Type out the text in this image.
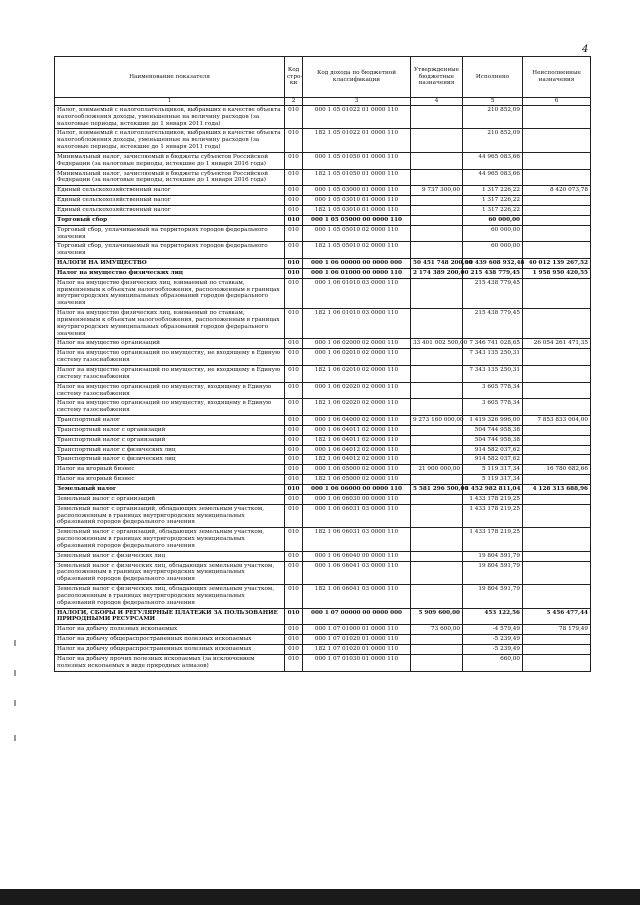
4
Наименование показателя	Код стро-ки	Код дохода по бюджетной классификации	Утвержденные бюджетные назначения	Исполнено	Неисполненные назначения
1	2	3	4	5	6
Налог, взимаемый с налогоплательщиков, выбравших в качестве объекта налогообложения доходы, уменьшенные на величину расходов (за налоговые периоды, истекшие до 1 января 2011 года)	010	000 1 05 01022 01 0000 110		210 852,09	
Налог, взимаемый с налогоплательщиков, выбравших в качестве объекта налогообложения доходы, уменьшенные на величину расходов (за налоговые периоды, истекшие до 1 января 2011 года)	010	182 1 05 01022 01 0000 110		210 852,09	
Минимальный налог, зачисляемый в бюджеты субъектов Российской Федерации (за налоговые периоды, истекшие до 1 января 2016 года)	010	000 1 05 01050 01 0000 110		44 965 083,66	
Минимальный налог, зачисляемый в бюджеты субъектов Российской Федерации (за налоговые периоды, истекшие до 1 января 2016 года)	010	182 1 05 01050 01 0000 110		44 965 083,66	
Единый сельскохозяйственный налог	010	000 1 05 03000 01 0000 110	9 737 300,00	1 317 226,22	8 420 073,78
Единый сельскохозяйственный налог	010	000 1 05 03010 01 0000 110		1 317 226,22	
Единый сельскохозяйственный налог	010	182 1 05 03010 01 0000 110		1 317 226,22	
Торговый сбор	010	000 1 05 05000 00 0000 110		60 000,00	
Торговый сбор, уплачиваемый на территориях городов федерального значения	010	000 1 05 05010 02 0000 110		60 000,00	
Торговый сбор, уплачиваемый на территориях городов федерального значения	010	182 1 05 05010 02 0000 110		60 000,00	
НАЛОГИ НА ИМУЩЕСТВО	010	000 1 06 00000 00 0000 000	50 451 748 200,00	10 439 608 932,48	40 012 139 267,52
Налог на имущество физических лиц	010	000 1 06 01000 00 0000 110	2 174 389 200,00	215 438 779,45	1 958 950 420,55
Налог на имущество физических лиц, взимаемый по ставкам, применяемым к объектам налогообложения, расположенным в границах внутригородских муниципальных образований городов федерального значения	010	000 1 06 01010 03 0000 110		215 438 779,45	
Налог на имущество физических лиц, взимаемый по ставкам, применяемым к объектам налогообложения, расположенным в границах внутригородских муниципальных образований городов федерального значения	010	182 1 06 01010 03 0000 110		215 438 779,45	
Налог на имущество организаций	010	000 1 06 02000 02 0000 110	33 401 002 500,00	7 346 741 028,65	26 054 261 471,35
Налог на имущество организаций по имуществу, не входящему в Единую систему газоснабжения	010	000 1 06 02010 02 0000 110		7 343 135 250,31	
Налог на имущество организаций по имуществу, не входящему в Единую систему газоснабжения	010	182 1 06 02010 02 0000 110		7 343 135 250,31	
Налог на имущество организаций по имуществу, входящему в Единую систему газоснабжения	010	000 1 06 02020 02 0000 110		3 605 778,34	
Налог на имущество организаций по имуществу, входящему в Единую систему газоснабжения	010	182 1 06 02020 02 0000 110		3 605 778,34	
Транспортный налог	010	000 1 06 04000 02 0000 110	9 273 160 000,00	1 419 326 996,00	7 853 833 004,00
Транспортный налог с организаций	010	000 1 06 04011 02 0000 110		504 744 958,38	
Транспортный налог с организаций	010	182 1 06 04011 02 0000 110		504 744 958,38	
Транспортный налог с физических лиц	010	000 1 06 04012 02 0000 110		914 582 037,62	
Транспортный налог с физических лиц	010	182 1 06 04012 02 0000 110		914 582 037,62	
Налог на игорный бизнес	010	000 1 06 05000 02 0000 110	21 900 000,00	5 119 317,34	16 780 682,66
Налог на игорный бизнес	010	182 1 06 05000 02 0000 110		5 119 317,34	
Земельный налог	010	000 1 06 06000 00 0000 110	5 581 296 500,00	1 452 982 811,04	4 128 313 688,96
Земельный налог с организаций	010	000 1 06 06030 00 0000 110		1 433 178 219,25	
Земельный налог с организаций, обладающих земельным участком, расположенным в границах внутригородских муниципальных образований городов федерального значения	010	000 1 06 06031 03 0000 110		1 433 178 219,25	
Земельный налог с организаций, обладающих земельным участком, расположенным в границах внутригородских муниципальных образований городов федерального значения	010	182 1 06 06031 03 0000 110		1 433 178 219,25	
Земельный налог с физических лиц	010	000 1 06 06040 00 0000 110		19 804 591,79	
Земельный налог с физических лиц, обладающих земельным участком, расположенным в границах внутригородских муниципальных образований городов федерального значения	010	000 1 06 06041 03 0000 110		19 804 591,79	
Земельный налог с физических лиц, обладающих земельным участком, расположенным в границах внутригородских муниципальных образований городов федерального значения	010	182 1 06 06041 03 0000 110		19 804 591,79	
НАЛОГИ, СБОРЫ И РЕГУЛЯРНЫЕ ПЛАТЕЖИ ЗА ПОЛЬЗОВАНИЕ ПРИРОДНЫМИ РЕСУРСАМИ	010	000 1 07 00000 00 0000 000	5 909 600,00	453 122,56	5 456 477,44
Налог на добычу полезных ископаемых	010	000 1 07 01000 01 0000 110	73 600,00	-4 579,49	78 179,49
Налог на добычу общераспространенных полезных ископаемых	010	000 1 07 01020 01 0000 110		-5 239,49	
Налог на добычу общераспространенных полезных ископаемых	010	182 1 07 01020 01 0000 110		-5 239,49	
Налог на добычу прочих полезных ископаемых (за исключением полезных ископаемых в виде природных алмазов)	010	000 1 07 01030 01 0000 110		660,00	
